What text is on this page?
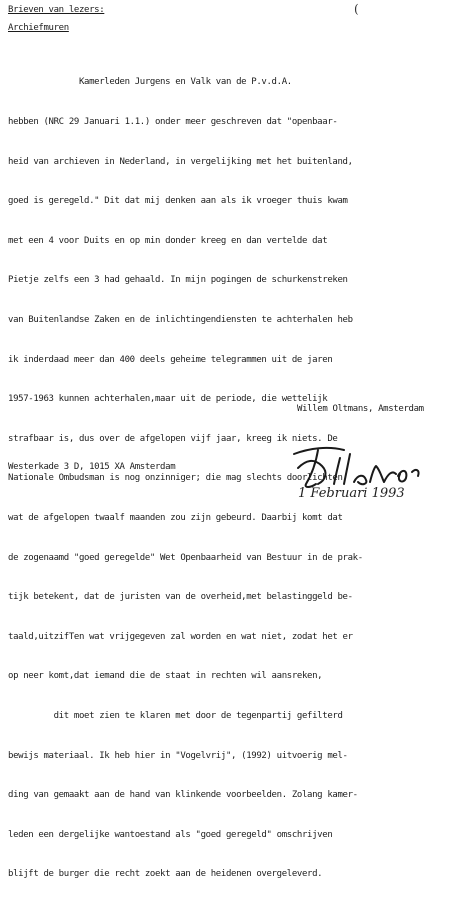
Brieven van lezers:
Archiefmuren
(

Kamerleden Jurgens en Valk van de P.v.d.A.

hebben (NRC 29 Januari 1.1.) onder meer geschreven dat "openbaar-

heid van archieven in Nederland, in vergelijking met het buitenland,

goed is geregeld." Dit dat mij denken aan als ik vroeger thuis kwam

met een 4 voor Duits en op min donder kreeg en dan vertelde dat

Pietje zelfs een 3 had gehaald. In mijn pogingen de schurkenstreken

van Buitenlandse Zaken en de inlichtingendiensten te achterhalen heb

ik inderdaad meer dan 400 deels geheime telegrammen uit de jaren

1957-1963 kunnen achterhalen,maar uit de periode, die wettelijk

strafbaar is, dus over de afgelopen vijf jaar, kreeg ik niets. De

Nationale Ombudsman is nog onzinniger; die mag slechts doorlichten

wat de afgelopen twaalf maanden zou zijn gebeurd. Daarbij komt dat

de zogenaamd "goed geregelde" Wet Openbaarheid van Bestuur in de prak-

tijk betekent, dat de juristen van de overheid,met belastinggeld be-

taald,uitzifTen wat vrijgegeven zal worden en wat niet, zodat het er

op neer komt,dat iemand die de staat in rechten wil aansreken,

dit moet zien te klaren met door de tegenpartij gefilterd

bewijs materiaal. Ik heb hier in "Vogelvrij", (1992) uitvoerig mel-

ding van gemaakt aan de hand van klinkende voorbeelden. Zolang kamer-

leden een dergelijke wantoestand als "goed geregeld" omschrijven

blijft de burger die recht zoekt aan de heidenen overgeleverd.

Willem Oltmans, Amsterdam
Westerkade 3 D, 1015 XA Amsterdam
1 Februari 1993
